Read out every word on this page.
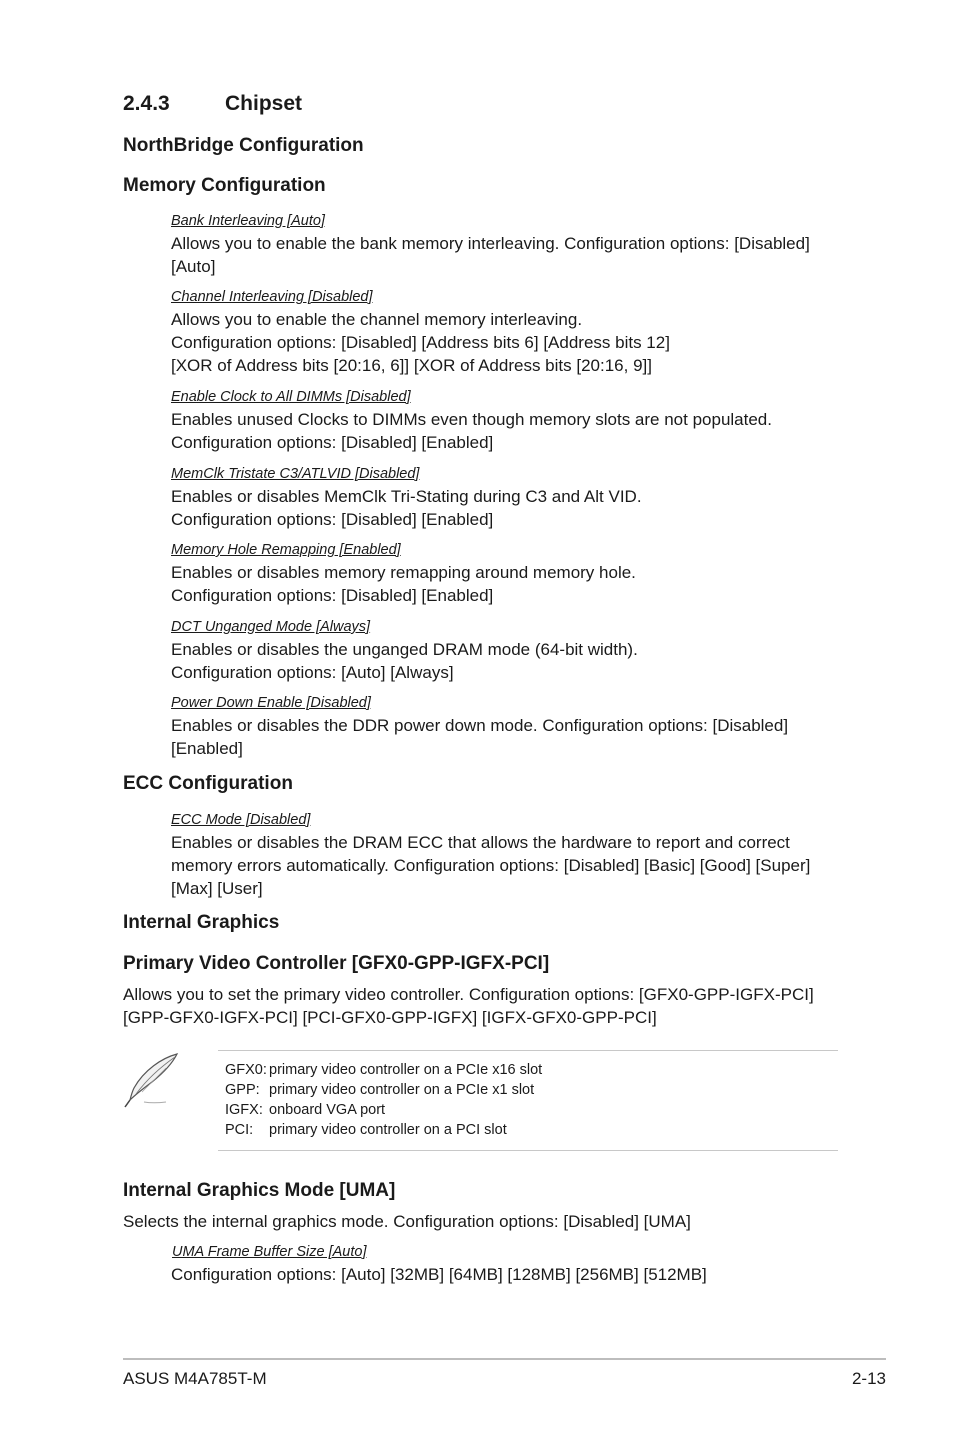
2.4.3	Chipset
NorthBridge Configuration
Memory Configuration
Bank Interleaving [Auto]
Allows you to enable the bank memory interleaving. Configuration options: [Disabled]
[Auto]
Channel Interleaving [Disabled]
Allows you to enable the channel memory interleaving.
Configuration options: [Disabled] [Address bits 6] [Address bits 12]
[XOR of Address bits [20:16, 6]] [XOR of Address bits [20:16, 9]]
Enable Clock to All DIMMs [Disabled]
Enables unused Clocks to DIMMs even though memory slots are not populated.
Configuration options: [Disabled] [Enabled]
MemClk Tristate C3/ATLVID [Disabled]
Enables or disables MemClk Tri-Stating during C3 and Alt VID.
Configuration options: [Disabled] [Enabled]
Memory Hole Remapping [Enabled]
Enables or disables memory remapping around memory hole.
Configuration options: [Disabled] [Enabled]
DCT Unganged Mode [Always]
Enables or disables the unganged DRAM mode (64-bit width).
Configuration options: [Auto] [Always]
Power Down Enable [Disabled]
Enables or disables the DDR power down mode. Configuration options: [Disabled]
[Enabled]
ECC Configuration
ECC Mode [Disabled]
Enables or disables the DRAM ECC that allows the hardware to report and correct
memory errors automatically. Configuration options: [Disabled] [Basic] [Good] [Super]
[Max] [User]
Internal Graphics
Primary Video Controller [GFX0-GPP-IGFX-PCI]
Allows you to set the primary video controller. Configuration options: [GFX0-GPP-IGFX-PCI]
[GPP-GFX0-IGFX-PCI] [PCI-GFX0-GPP-IGFX] [IGFX-GFX0-GPP-PCI]
GFX0: primary video controller on a PCIe x16 slot
GPP: primary video controller on a PCIe x1 slot
IGFX: onboard VGA port
PCI: primary video controller on a PCI slot
Internal Graphics Mode [UMA]
Selects the internal graphics mode. Configuration options: [Disabled] [UMA]
UMA Frame Buffer Size [Auto]
Configuration options: [Auto] [32MB] [64MB] [128MB] [256MB] [512MB]
ASUS M4A785T-M	2-13
